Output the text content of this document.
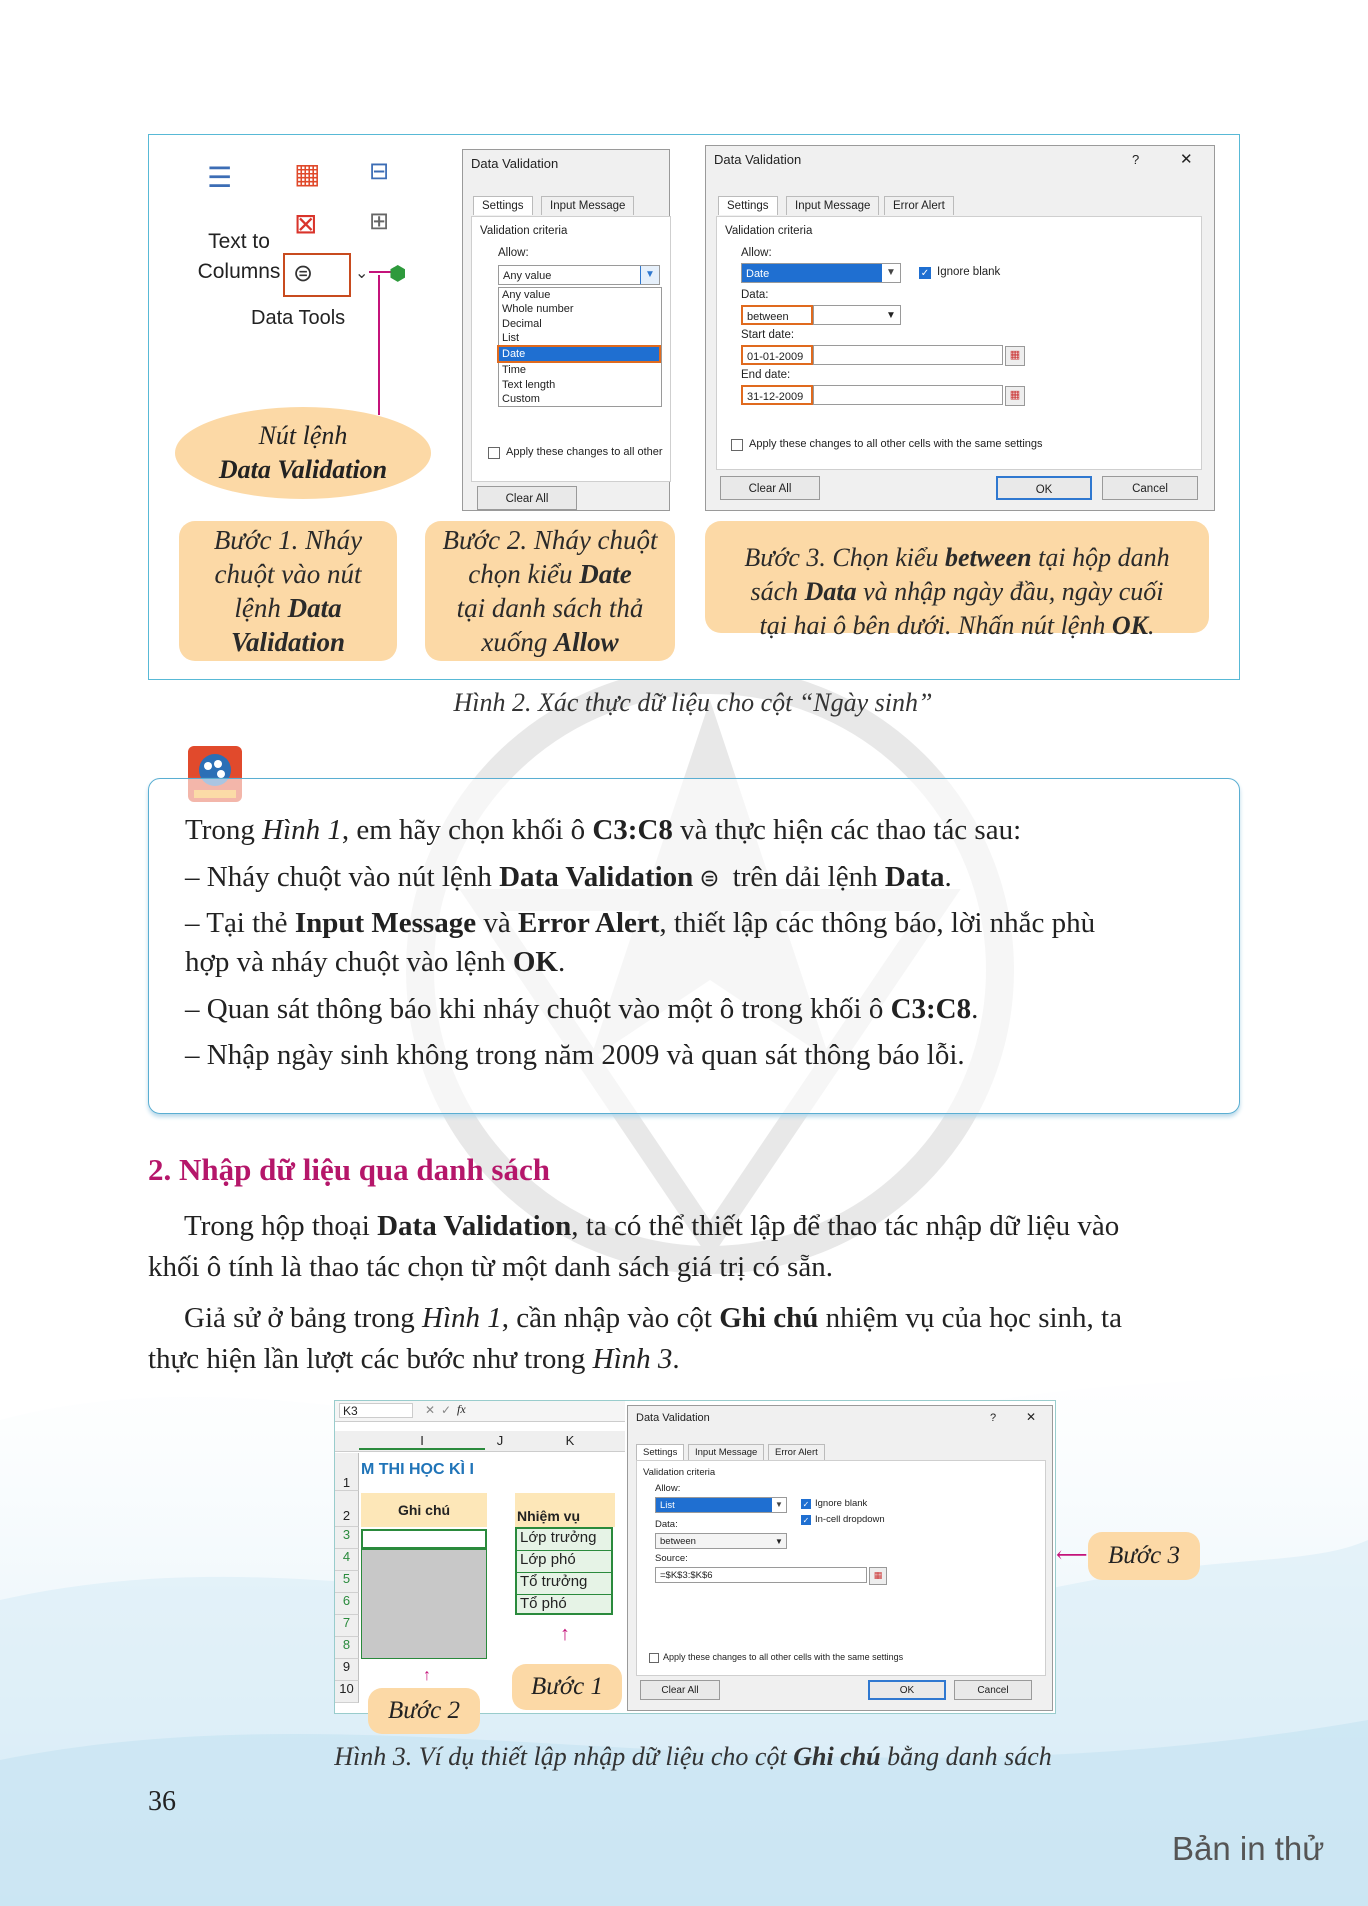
☰ ▦ ⊟
⊠ ⊞
Text to
Columns ⊜	⌄ ⬢
Data Tools
Nút lệnh
Data Validation
Data Validation
Settings	Input Message
Validation criteria
Allow:
Any value	▼
Any value
Whole number
Decimal
List
Date
Time
Text length
Custom
Apply these changes to all other
Clear All
Data Validation	?	✕
Settings	Input Message	Error Alert
Validation criteria
Allow:
Date	▼	✓ Ignore blank
Data:
between	▼
Start date:
01-01-2009	▦
End date:
31-12-2009	▦
Apply these changes to all other cells with the same settings
Clear All	OK	Cancel
Bước 1. Nháy
chuột vào nút
lệnh Data
Validation
Bước 2. Nháy chuột
chọn kiểu Date
tại danh sách thả
xuống Allow
Bước 3. Chọn kiểu between tại hộp danh
sách Data và nhập ngày đầu, ngày cuối
tại hai ô bên dưới. Nhấn nút lệnh OK.
Hình 2. Xác thực dữ liệu cho cột “Ngày sinh”
Trong Hình 1, em hãy chọn khối ô C3:C8 và thực hiện các thao tác sau:
– Nháy chuột vào nút lệnh Data Validation ⊜ trên dải lệnh Data.
– Tại thẻ Input Message và Error Alert, thiết lập các thông báo, lời nhắc phù
hợp và nháy chuột vào lệnh OK.
– Quan sát thông báo khi nháy chuột vào một ô trong khối ô C3:C8.
– Nhập ngày sinh không trong năm 2009 và quan sát thông báo lỗi.
2. Nhập dữ liệu qua danh sách
Trong hộp thoại Data Validation, ta có thể thiết lập để thao tác nhập dữ liệu vào
khối ô tính là thao tác chọn từ một danh sách giá trị có sẵn.
Giả sử ở bảng trong Hình 1, cần nhập vào cột Ghi chú nhiệm vụ của học sinh, ta
thực hiện lần lượt các bước như trong Hình 3.
K3	✕ ✓ fx
I	J	K
1
2
3
4
5
6
7
8
9
10
M THI HỌC KÌ I
Ghi chú	Nhiệm vụ
Lớp trưởng
Lớp phó
Tổ trưởng
Tổ phó
↑
↑
Data Validation	? ✕
Settings	Input Message	Error Alert
Validation criteria
Allow:
List	▼	✓ Ignore blank
✓ In-cell dropdown
Data:
between	▼
Source:
=$K$3:$K$6	▦
Apply these changes to all other cells with the same settings
Clear All	OK	Cancel
Bước 1
Bước 2
⟵ Bước 3
Hình 3. Ví dụ thiết lập nhập dữ liệu cho cột Ghi chú bằng danh sách
36
Bản in thử
